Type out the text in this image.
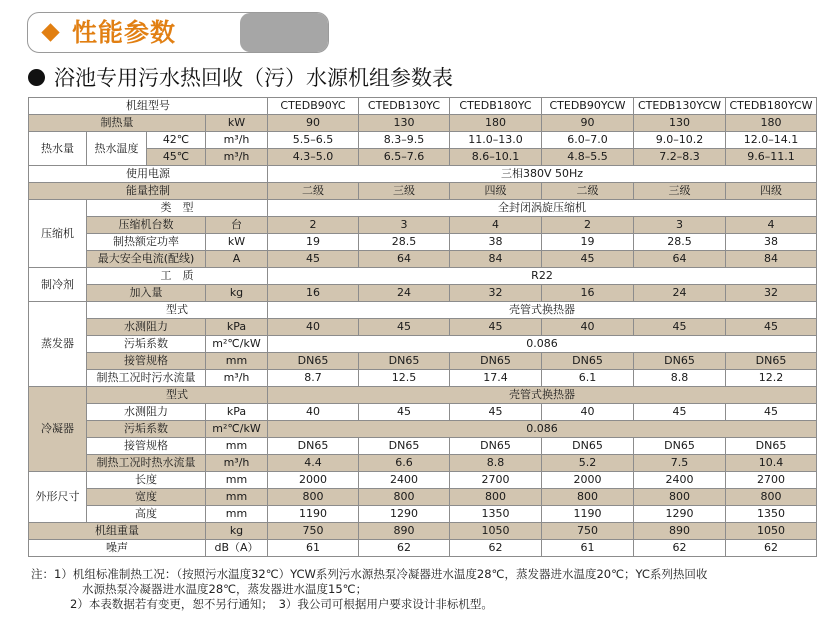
性能参数
浴池专用污水热回收（污）水源机组参数表
机组型号				CTEDB90YC	CTEDB130YC	CTEDB180YC	CTEDB90YCW	CTEDB130YCW	CTEDB180YCW
制热量			kW	90	130	180	90	130	180
热水量	热水温度	42℃	m³/h	5.5–6.5	8.3–9.5	11.0–13.0	6.0–7.0	9.0–10.2	12.0–14.1
		45℃	m³/h	4.3–5.0	6.5–7.6	8.6–10.1	4.8–5.5	7.2–8.3	9.6–11.1
使用电源				三相380V 50Hz					
能量控制				二级	三级	四级	二级	三级	四级
压缩机	类　型			全封闭涡旋压缩机					
	压缩机台数		台	2	3	4	2	3	4
	制热额定功率		kW	19	28.5	38	19	28.5	38
	最大安全电流(配线)		A	45	64	84	45	64	84
制冷剂	工　质			R22					
	加入量		kg	16	24	32	16	24	32
蒸发器	型式			壳管式换热器					
	水测阻力		kPa	40	45	45	40	45	45
	污垢系数		m²℃/kW	0.086					
	接管规格		mm	DN65	DN65	DN65	DN65	DN65	DN65
	制热工况时污水流量		m³/h	8.7	12.5	17.4	6.1	8.8	12.2
冷凝器	型式			壳管式换热器					
	水测阻力		kPa	40	45	45	40	45	45
	污垢系数		m²℃/kW	0.086					
	接管规格		mm	DN65	DN65	DN65	DN65	DN65	DN65
	制热工况时热水流量		m³/h	4.4	6.6	8.8	5.2	7.5	10.4
外形尺寸	长度		mm	2000	2400	2700	2000	2400	2700
	宽度		mm	800	800	800	800	800	800
	高度		mm	1190	1290	1350	1190	1290	1350
机组重量			kg	750	890	1050	750	890	1050
噪声			dB（A）	61	62	62	61	62	62
注：1）机组标准制热工况：（按照污水温度32℃）YCW系列污水源热泵冷凝器进水温度28℃，蒸发器进水温度20℃；YC系列热回收
水源热泵冷凝器进水温度28℃，蒸发器进水温度15℃；
2）本表数据若有变更，恕不另行通知；　3）我公司可根据用户要求设计非标机型。
